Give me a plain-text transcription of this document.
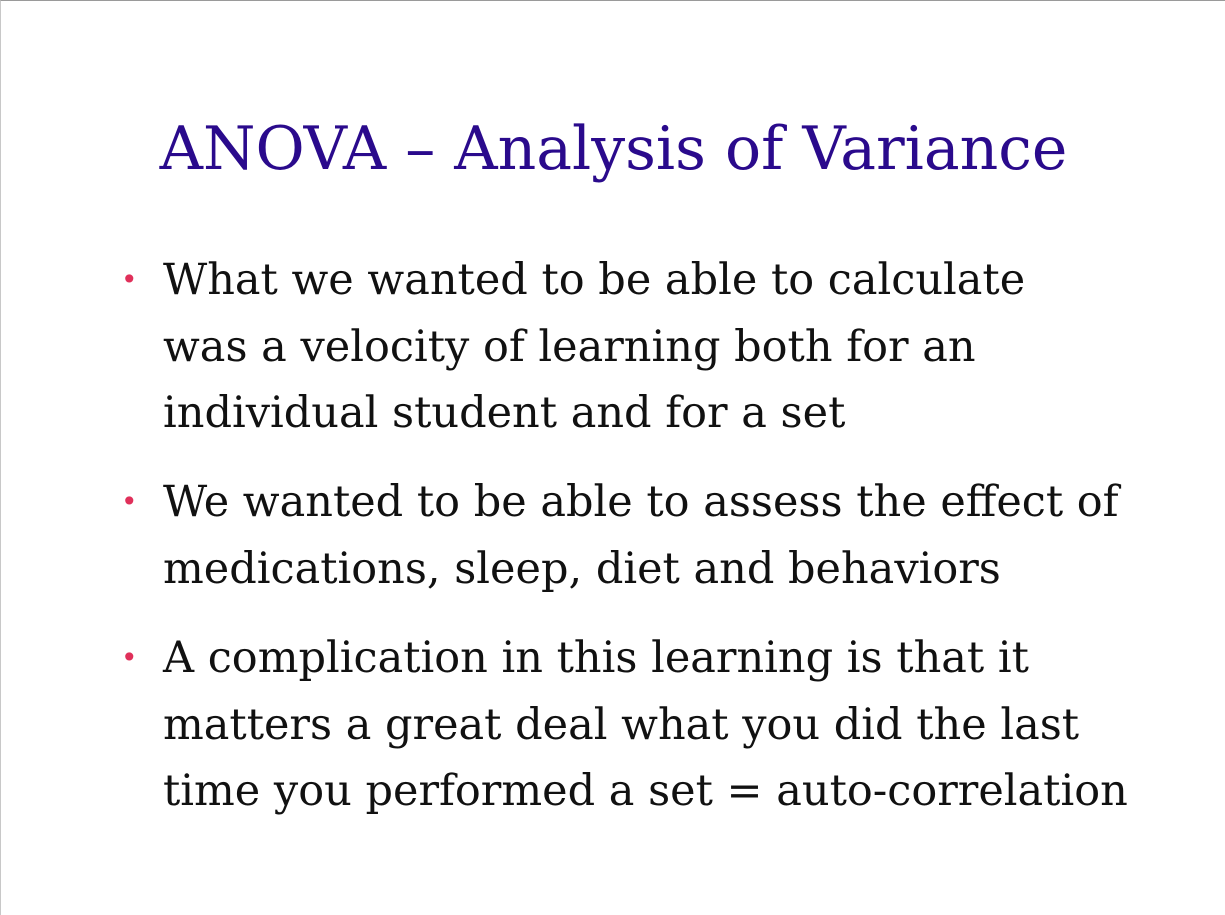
ANOVA – Analysis of Variance
• What we wanted to be able to calculate
was a velocity of learning both for an
individual student and for a set
• We wanted to be able to assess the effect of
medications, sleep, diet and behaviors
• A complication in this learning is that it
matters a great deal what you did the last
time you performed a set = auto-correlation
